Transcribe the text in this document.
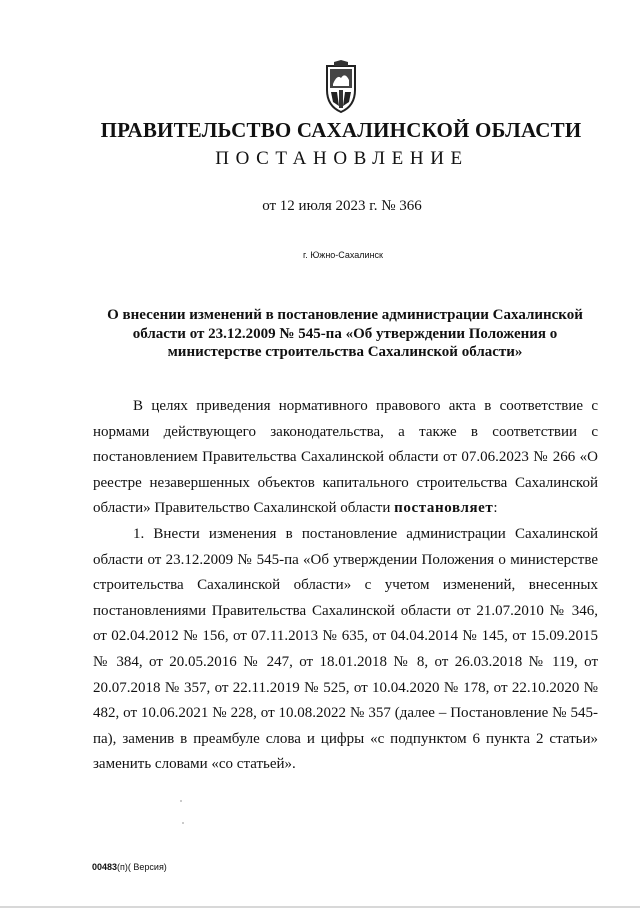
ПРАВИТЕЛЬСТВО САХАЛИНСКОЙ ОБЛАСТИ
ПОСТАНОВЛЕНИЕ
от 12 июля 2023 г. № 366
г. Южно-Сахалинск
О внесении изменений в постановление администрации Сахалинской области от 23.12.2009 № 545-па «Об утверждении Положения о министерстве строительства Сахалинской области»

В целях приведения нормативного правового акта в соответствие с нормами действующего законодательства, а также в соответствии с постановлением Правительства Сахалинской области от 07.06.2023 № 266 «О реестре незавершенных объектов капитального строительства Сахалинской области» Правительство Сахалинской области постановляет:

1. Внести изменения в постановление администрации Сахалинской области от 23.12.2009 № 545-па «Об утверждении Положения о министерстве строительства Сахалинской области» с учетом изменений, внесенных постановлениями Правительства Сахалинской области от 21.07.2010 № 346, от 02.04.2012 № 156, от 07.11.2013 № 635, от 04.04.2014 № 145, от 15.09.2015 № 384, от 20.05.2016 № 247, от 18.01.2018 № 8, от 26.03.2018 № 119, от 20.07.2018 № 357, от 22.11.2019 № 525, от 10.04.2020 № 178, от 22.10.2020 № 482, от 10.06.2021 № 228, от 10.08.2022 № 357 (далее – Постановление № 545-па), заменив в преамбуле слова и цифры «с подпунктом 6 пункта 2 статьи» заменить словами «со статьей».

00483(п)( Версия)
